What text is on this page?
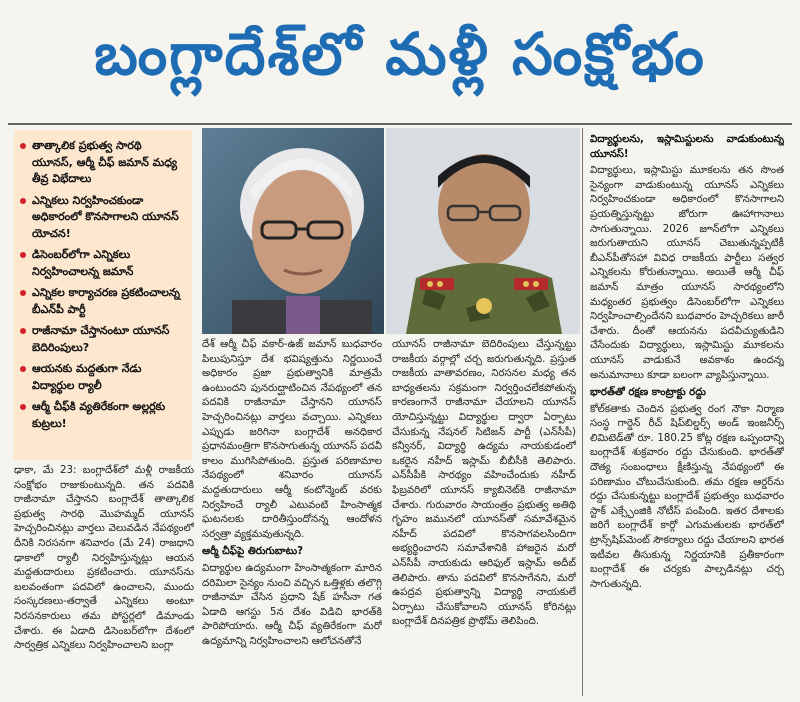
బంగ్లాదేశ్‌లో మళ్లీ సంక్షోభం
తాత్కాలిక ప్రభుత్వ సారథి యూనస్, ఆర్మీ చీఫ్ జమాన్ మధ్య తీవ్ర విభేదాలు
ఎన్నికలు నిర్వహించకుండా అధికారంలో కొనసాగాలని యూనస్ యోచన!
డిసెంబర్‌లోగా ఎన్నికలు నిర్వహించాలన్న జమాన్
ఎన్నికల కార్యాచరణ ప్రకటించాలన్న బీఎన్‌పీ పార్టీ
రాజీనామా చేస్తానంటూ యూనస్ బెదిరింపులు?
ఆయనకు మద్దతుగా నేడు విద్యార్థుల ర్యాలీ
ఆర్మీ చీఫ్‌కి వ్యతిరేకంగా అల్లర్లకు కుట్రలు!

ఢాకా, మే 23: బంగ్లాదేశ్‌లో మళ్లీ రాజకీయ సంక్షోభం రాజుకుంటున్నది. తన పదవికి రాజీనామా చేస్తానని బంగ్లాదేశ్ తాత్కాలిక ప్రభుత్వ సారథి మొహమ్మద్ యూనస్ హెచ్చరించినట్లు వార్తలు వెలువడిన నేపథ్యంలో దీనికి నిరసనగా శనివారం (మే 24) రాజధాని ఢాకాలో ర్యాలీ నిర్వహిస్తున్నట్లు ఆయన మద్దతుదారులు ప్రకటించారు. యూనస్‌ను బలవంతంగా పదవిలో ఉంచాలని, ముందు సంస్కరణలు-తర్వాతే ఎన్నికలు అంటూ నిరసనకారులు తమ పోస్టర్లలో డిమాండు చేశారు. ఈ ఏడాది డిసెంబర్‌లోగా దేశంలో సార్వత్రిక ఎన్నికలు నిర్వహించాలని బంగ్లా

దేశ్ ఆర్మీ చీఫ్ వకార్-ఉజ్ జమాన్ బుధవారం పిలుపునిస్తూ దేశ భవిష్యత్తును నిర్ణయించే అధికారం ప్రజా ప్రభుత్వానికి మాత్రమే ఉంటుందని పునరుద్ఘాటించిన నేపథ్యంలో తన పదవికి రాజీనామా చేస్తానని యూనస్ హెచ్చరించినట్లు వార్తలు వచ్చాయి. ఎన్నికలు ఎప్పుడు జరిగినా బంగ్లాదేశ్ అనధికార ప్రధానమంత్రిగా కొనసాగుతున్న యూనస్ పదవీ కాలం ముగిసిపోతుంది. ప్రస్తుత పరిణామాల నేపథ్యంలో శనివారం యూనస్ మద్దతుదారులు ఆర్మీ కంటోన్మెంట్ వరకు నిర్వహించే ర్యాలీ ఎటువంటి హింసాత్మక ఘటనలకు దారితీస్తుందోనన్న ఆందోళన సర్వత్రా వ్యక్తమవుతున్నది.

ఆర్మీ చీఫ్‌పై తిరుగుబాటు?

విద్యార్థుల ఉద్యమంగా హింసాత్మకంగా మారిన దరిమిలా సైన్యం నుంచి వచ్చిన ఒత్తిళ్లకు తలొగ్గి రాజీనామా చేసిన ప్రధాని షేక్ హసీనా గత ఏడాది ఆగస్టు 5న దేశం విడిచి భారత్‌కి పారిపోయారు. ఆర్మీ చీఫ్ వ్యతిరేకంగా మరో ఉద్యమాన్ని నిర్వహించాలని ఆలోచనతోనే

యూనస్ రాజీనామా బెదిరింపులు చేస్తున్నట్టు రాజకీయ వర్గాల్లో చర్చ జరుగుతున్నది. ప్రస్తుత రాజకీయ వాతావరణం, నిరసనల మధ్య తన బాధ్యతలను సక్రమంగా నిర్వర్తించలేకపోతున్న కారణంగానే రాజీనామా చేయాలని యూనస్ యోచిస్తున్నట్టు విద్యార్థుల ద్వారా ఏర్పాటు చేసుకున్న నేషనల్ సిటిజన్ పార్టీ (ఎన్‌సీపీ) కన్వీనర్, విద్యార్థి ఉద్యమ నాయకుడంలో ఒకరైన నహీద్ ఇస్లామ్ బీబీసీకి తెలిపారు. ఎన్‌సీపీకి సారథ్యం వహించేందుకు నహీద్ ఫిబ్రవరిలో యూనస్ క్యాబినెట్‌కి రాజీనామా చేశారు. గురువారం సాయంత్రం ప్రభుత్వ అతిథి గృహం జమునలో యూనస్‌తో సమావేశమైన నహీద్ పదవిలో కొనసాగవలసిందిగా అభ్యర్థించారని సమావేశానికి హాజరైన మరో ఎన్‌సీపీ నాయకుడు ఆరిఫుల్ ఇస్లామ్ అదీబ్ తెలిపారు. తాను పదవిలో కొనసాగేనని, మరో ఉపద్రవ ప్రభుత్వాన్ని విద్యార్థి నాయకులే ఏర్పాటు చేసుకోవాలని యూనస్ కోరినట్లు బంగ్లాదేశ్ దినపత్రిక ప్రొథోమ్ తెలిపింది.

విద్యార్థులను, ఇస్లామిస్టులను వాడుకుంటున్న యూనస్!

విద్యార్థులు, ఇస్లామిస్టు మూకలను తన సొంత సైన్యంగా వాడుకుంటున్న యూనస్ ఎన్నికలు నిర్వహించకుండా అధికారంలో కొనసాగాలని ప్రయత్నిస్తున్నట్టు జోరుగా ఊహాగానాలు సాగుతున్నాయి. 2026 జూన్‌లోగా ఎన్నికలు జరుగుతాయని యూనస్ చెబుతున్నప్పటికీ బీఎన్‌పీతోసహా వివిధ రాజకీయ పార్టీలు సత్వర ఎన్నికలను కోరుతున్నాయి. అయితే ఆర్మీ చీఫ్ జమాన్ మాత్రం యూనస్ సారథ్యంలోని మధ్యంతర ప్రభుత్వం డిసెంబర్‌లోగా ఎన్నికలు నిర్వహించాల్సిందేనని బుధవారం హెచ్చరికలు జారీ చేశారు. దీంతో ఆయనను పదవీచ్యుతుడిని చేసేందుకు విద్యార్థులు, ఇస్లామిస్టు మూకలను యూనస్ వాడుకునే అవకాశం ఉందన్న అనుమానాలు కూడా బలంగా వ్యాపిస్తున్నాయి.

భారత్‌తో రక్షణ కాంట్రాక్టు రద్దు

కోల్‌కతాకు చెందిన ప్రభుత్వ రంగ నౌకా నిర్మాణ సంస్థ గార్డెన్ రీచ్ షిప్‌బిల్డర్స్ అండ్ ఇంజనీర్స్ లిమిటెడ్‌తో రూ. 180.25 కోట్ల రక్షణ ఒప్పందాన్ని బంగ్లాదేశ్ శుక్రవారం రద్దు చేసుకుంది. భారత్‌తో దౌత్య సంబంధాలు క్షీణిస్తున్న నేపథ్యంలో ఈ పరిణామం చోటుచేసుకుంది. తమ రక్షణ ఆర్డర్‌ను రద్దు చేసుకున్నట్టు బంగ్లాదేశ్ ప్రభుత్వం బుధవారం స్టాక్ ఎక్స్ఛేంజికి నోటీస్ పంపింది. ఇతర దేశాలకు జరిగే బంగ్లాదేశ్ కార్గో ఎగుమతులకు భారత్‌లో ట్రాన్స్‌షిప్‌మెంట్ సౌకర్యాలు రద్దు చేయాలని భారత ఇటీవల తీసుకున్న నిర్ణయానికి ప్రతీకారంగా బంగ్లాదేశ్ ఈ చర్యకు పాల్పడినట్లు చర్చ సాగుతున్నది.
